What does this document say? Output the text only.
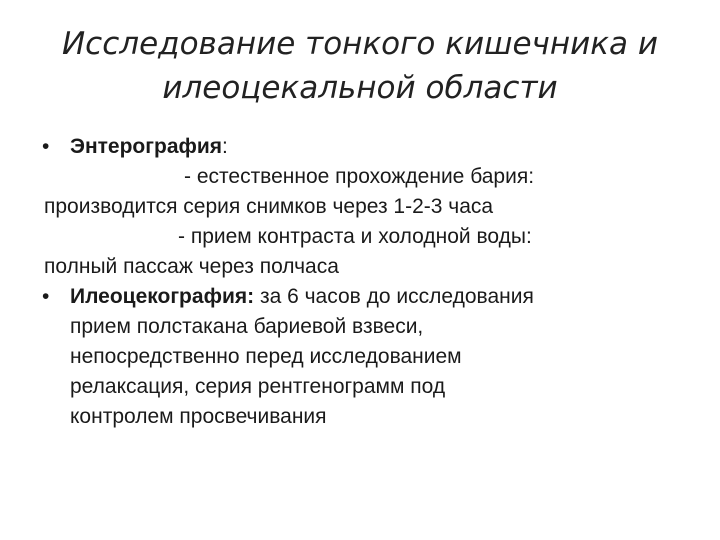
Исследование тонкого кишечника и
илеоцекальной области
• Энтерография:
- естественное прохождение бария:
производится серия снимков через 1-2-3 часа
- прием контраста и холодной воды:
полный пассаж через полчаса
• Илеоцекография: за 6 часов до исследования
прием полстакана бариевой взвеси,
непосредственно перед исследованием
релаксация, серия рентгенограмм под
контролем просвечивания
